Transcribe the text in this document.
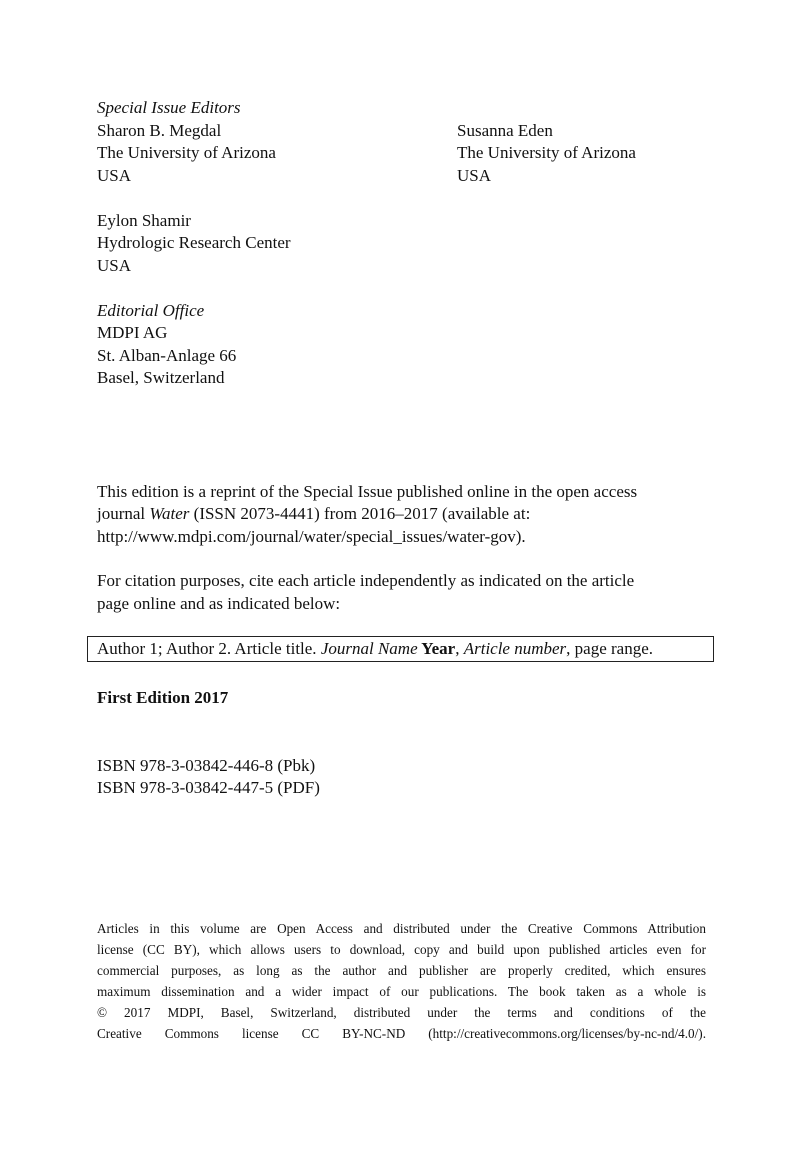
Special Issue Editors
Sharon B. Megdal
The University of Arizona
USA
Susanna Eden
The University of Arizona
USA
Eylon Shamir
Hydrologic Research Center
USA
Editorial Office
MDPI AG
St. Alban-Anlage 66
Basel, Switzerland
This edition is a reprint of the Special Issue published online in the open access
journal Water (ISSN 2073-4441) from 2016–2017 (available at:
http://www.mdpi.com/journal/water/special_issues/water-gov).
For citation purposes, cite each article independently as indicated on the article
page online and as indicated below:
Author 1; Author 2. Article title. Journal Name Year, Article number, page range.
First Edition 2017
ISBN 978-3-03842-446-8 (Pbk)
ISBN 978-3-03842-447-5 (PDF)
Articles in this volume are Open Access and distributed under the Creative Commons Attribution
license (CC BY), which allows users to download, copy and build upon published articles even for
commercial purposes, as long as the author and publisher are properly credited, which ensures
maximum dissemination and a wider impact of our publications. The book taken as a whole is
© 2017 MDPI, Basel, Switzerland, distributed under the terms and conditions of the
Creative Commons license CC BY-NC-ND (http://creativecommons.org/licenses/by-nc-nd/4.0/).
